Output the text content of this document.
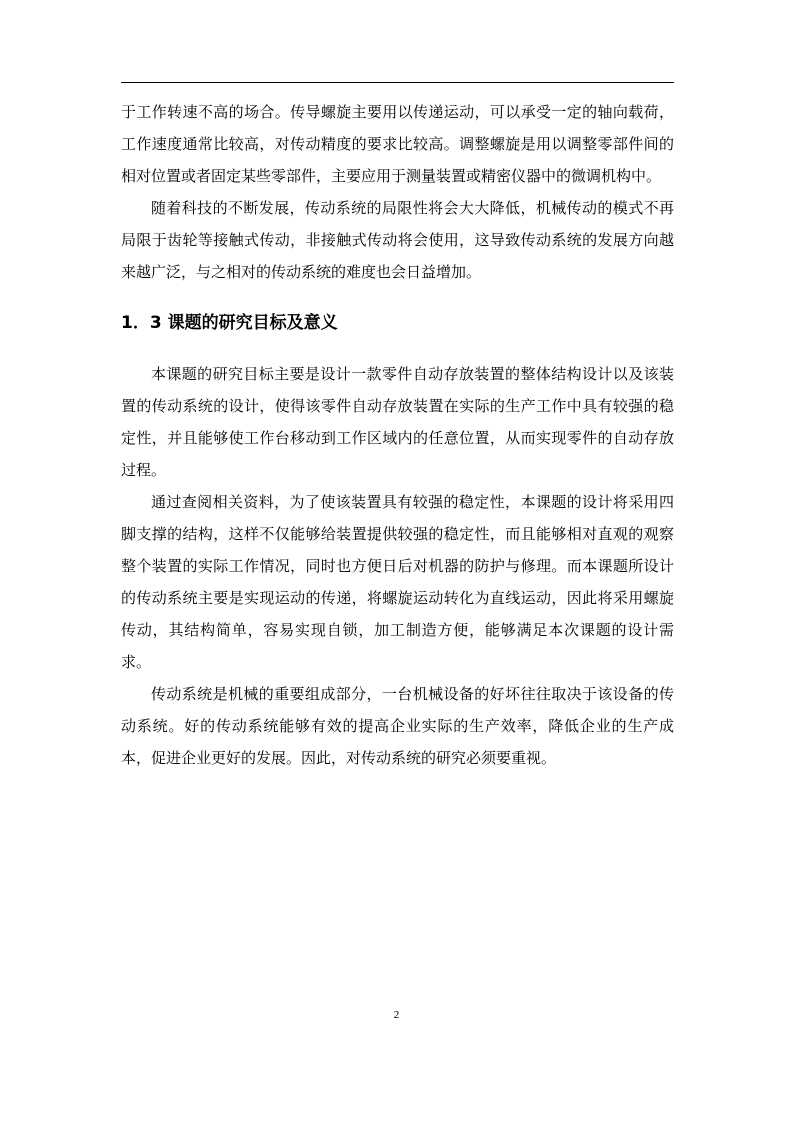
于工作转速不高的场合。传导螺旋主要用以传递运动，可以承受一定的轴向载荷，工作速度通常比较高，对传动精度的要求比较高。调整螺旋是用以调整零部件间的相对位置或者固定某些零部件，主要应用于测量装置或精密仪器中的微调机构中。

随着科技的不断发展，传动系统的局限性将会大大降低，机械传动的模式不再局限于齿轮等接触式传动，非接触式传动将会使用，这导致传动系统的发展方向越来越广泛，与之相对的传动系统的难度也会日益增加。

1．3 课题的研究目标及意义

本课题的研究目标主要是设计一款零件自动存放装置的整体结构设计以及该装置的传动系统的设计，使得该零件自动存放装置在实际的生产工作中具有较强的稳定性，并且能够使工作台移动到工作区域内的任意位置，从而实现零件的自动存放过程。

通过查阅相关资料，为了使该装置具有较强的稳定性，本课题的设计将采用四脚支撑的结构，这样不仅能够给装置提供较强的稳定性，而且能够相对直观的观察整个装置的实际工作情况，同时也方便日后对机器的防护与修理。而本课题所设计的传动系统主要是实现运动的传递，将螺旋运动转化为直线运动，因此将采用螺旋传动，其结构简单，容易实现自锁，加工制造方便，能够满足本次课题的设计需求。

传动系统是机械的重要组成部分，一台机械设备的好坏往往取决于该设备的传动系统。好的传动系统能够有效的提高企业实际的生产效率，降低企业的生产成本，促进企业更好的发展。因此，对传动系统的研究必须要重视。

2
